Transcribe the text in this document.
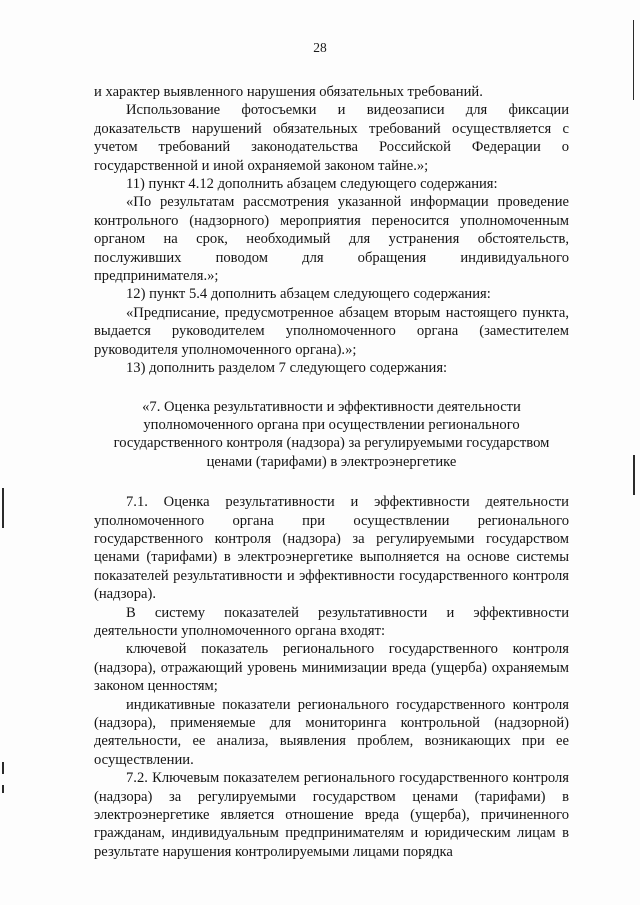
28

и характер выявленного нарушения обязательных требований.

Использование фотосъемки и видеозаписи для фиксации доказательств нарушений обязательных требований осуществляется с учетом требований законодательства Российской Федерации о государственной и иной охраняемой законом тайне.»;

11) пункт 4.12 дополнить абзацем следующего содержания:

«По результатам рассмотрения указанной информации проведение контрольного (надзорного) мероприятия переносится уполномоченным органом на срок, необходимый для устранения обстоятельств, послуживших поводом для обращения индивидуального предпринимателя.»;

12) пункт 5.4 дополнить абзацем следующего содержания:

«Предписание, предусмотренное абзацем вторым настоящего пункта, выдается руководителем уполномоченного органа (заместителем руководителя уполномоченного органа).»;

13) дополнить разделом 7 следующего содержания:

«7. Оценка результативности и эффективности деятельности уполномоченного органа при осуществлении регионального государственного контроля (надзора) за регулируемыми государством ценами (тарифами) в электроэнергетике

7.1. Оценка результативности и эффективности деятельности уполномоченного органа при осуществлении регионального государственного контроля (надзора) за регулируемыми государством ценами (тарифами) в электроэнергетике выполняется на основе системы показателей результативности и эффективности государственного контроля (надзора).

В систему показателей результативности и эффективности деятельности уполномоченного органа входят:

ключевой показатель регионального государственного контроля (надзора), отражающий уровень минимизации вреда (ущерба) охраняемым законом ценностям;

индикативные показатели регионального государственного контроля (надзора), применяемые для мониторинга контрольной (надзорной) деятельности, ее анализа, выявления проблем, возникающих при ее осуществлении.

7.2. Ключевым показателем регионального государственного контроля (надзора) за регулируемыми государством ценами (тарифами) в электроэнергетике является отношение вреда (ущерба), причиненного гражданам, индивидуальным предпринимателям и юридическим лицам в результате нарушения контролируемыми лицами порядка
